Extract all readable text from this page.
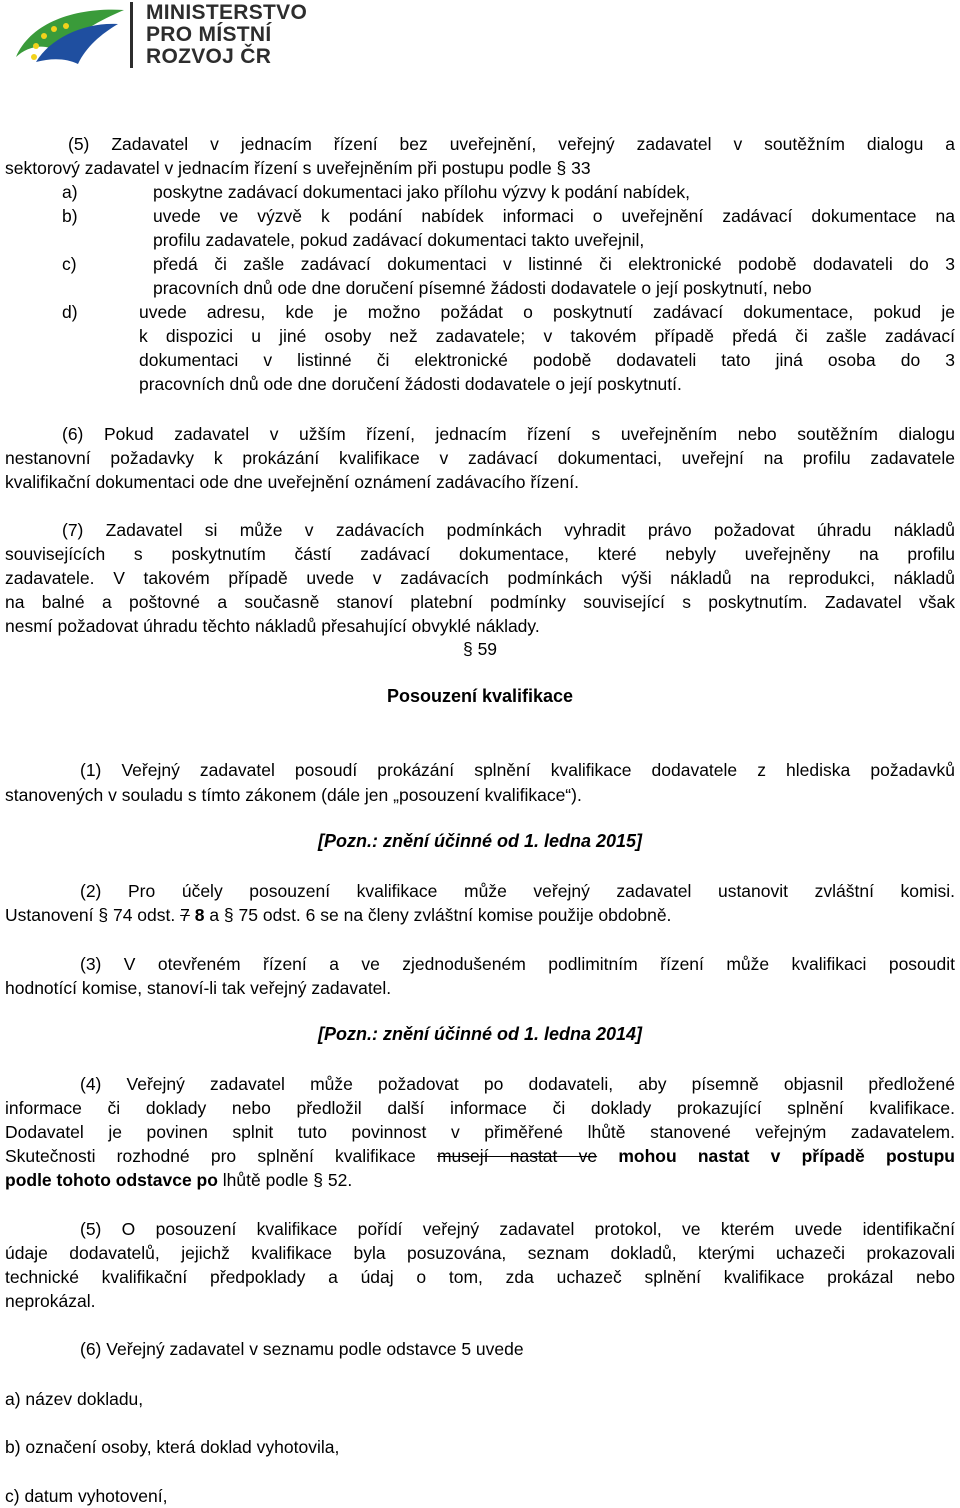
MINISTERSTVO
PRO MÍSTNÍ
ROZVOJ ČR
(5) Zadavatel v jednacím řízení bez uveřejnění, veřejný zadavatel v soutěžním dialogu a
sektorový zadavatel v jednacím řízení s uveřejněním při postupu podle § 33
a)	poskytne zadávací dokumentaci jako přílohu výzvy k podání nabídek,
b)	uvede ve výzvě k podání nabídek informaci o uveřejnění zadávací dokumentace na
profilu zadavatele, pokud zadávací dokumentaci takto uveřejnil,
c)	předá či zašle zadávací dokumentaci v listinné či elektronické podobě dodavateli do 3
pracovních dnů ode dne doručení písemné žádosti dodavatele o její poskytnutí, nebo
d)	uvede adresu, kde je možno požádat o poskytnutí zadávací dokumentace, pokud je
k dispozici u jiné osoby než zadavatele; v takovém případě předá či zašle zadávací
dokumentaci v listinné či elektronické podobě dodavateli tato jiná osoba do 3
pracovních dnů ode dne doručení žádosti dodavatele o její poskytnutí.
(6) Pokud zadavatel v užším řízení, jednacím řízení s uveřejněním nebo soutěžním dialogu
nestanovní požadavky k prokázání kvalifikace v zadávací dokumentaci, uveřejní na profilu zadavatele
kvalifikační dokumentaci ode dne uveřejnění oznámení zadávacího řízení.
(7) Zadavatel si může v zadávacích podmínkách vyhradit právo požadovat úhradu nákladů
souvisejících s poskytnutím částí zadávací dokumentace, které nebyly uveřejněny na profilu
zadavatele. V takovém případě uvede v zadávacích podmínkách výši nákladů na reprodukci, nákladů
na balné a poštovné a současně stanoví platební podmínky související s poskytnutím. Zadavatel však
nesmí požadovat úhradu těchto nákladů přesahující obvyklé náklady.
§ 59
Posouzení kvalifikace
(1) Veřejný zadavatel posoudí prokázání splnění kvalifikace dodavatele z hlediska požadavků
stanovených v souladu s tímto zákonem (dále jen „posouzení kvalifikace“).
[Pozn.: znění účinné od 1. ledna 2015]
(2) Pro účely posouzení kvalifikace může veřejný zadavatel ustanovit zvláštní komisi.
Ustanovení § 74 odst. 7 8 a § 75 odst. 6 se na členy zvláštní komise použije obdobně.
(3) V otevřeném řízení a ve zjednodušeném podlimitním řízení může kvalifikaci posoudit
hodnotící komise, stanoví-li tak veřejný zadavatel.
[Pozn.: znění účinné od 1. ledna 2014]
(4) Veřejný zadavatel může požadovat po dodavateli, aby písemně objasnil předložené
informace či doklady nebo předložil další informace či doklady prokazující splnění kvalifikace.
Dodavatel je povinen splnit tuto povinnost v přiměřené lhůtě stanovené veřejným zadavatelem.
Skutečnosti rozhodné pro splnění kvalifikace musejí nastat ve mohou nastat v případě postupu
podle tohoto odstavce po lhůtě podle § 52.
(5) O posouzení kvalifikace pořídí veřejný zadavatel protokol, ve kterém uvede identifikační
údaje dodavatelů, jejichž kvalifikace byla posuzována, seznam dokladů, kterými uchazeči prokazovali
technické kvalifikační předpoklady a údaj o tom, zda uchazeč splnění kvalifikace prokázal nebo
neprokázal.
(6) Veřejný zadavatel v seznamu podle odstavce 5 uvede
a) název dokladu,
b) označení osoby, která doklad vyhotovila,
c) datum vyhotovení,
